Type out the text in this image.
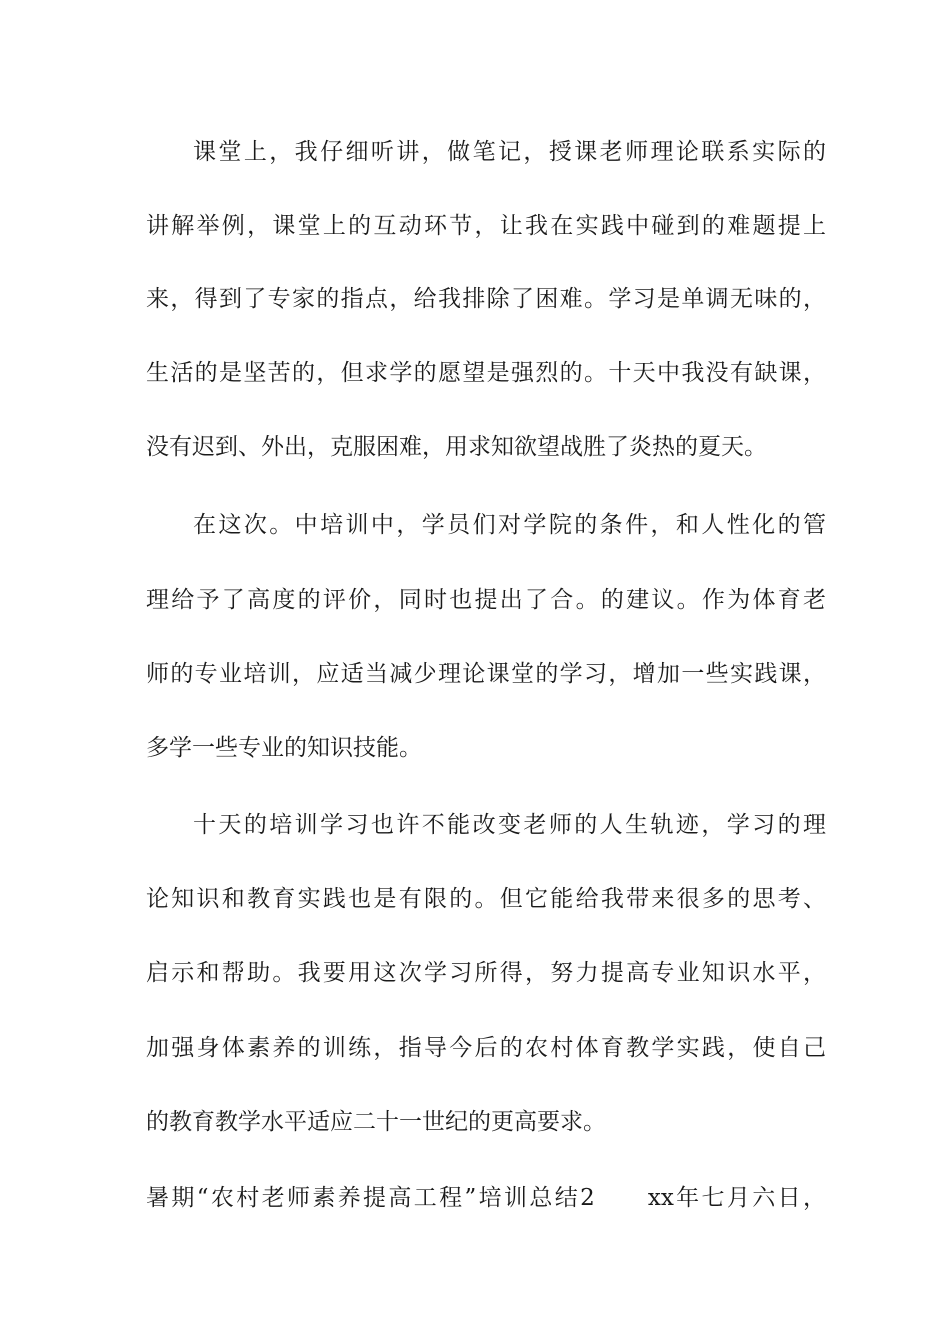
课堂上，我仔细听讲，做笔记，授课老师理论联系实际的
讲解举例，课堂上的互动环节，让我在实践中碰到的难题提上
来，得到了专家的指点，给我排除了困难。学习是单调无味的，
生活的是坚苦的，但求学的愿望是强烈的。十天中我没有缺课，
没有迟到、外出，克服困难，用求知欲望战胜了炎热的夏天。
在这次。中培训中，学员们对学院的条件，和人性化的管
理给予了高度的评价，同时也提出了合。的建议。作为体育老
师的专业培训，应适当减少理论课堂的学习，增加一些实践课，
多学一些专业的知识技能。
十天的培训学习也许不能改变老师的人生轨迹，学习的理
论知识和教育实践也是有限的。但它能给我带来很多的思考、
启示和帮助。我要用这次学习所得，努力提高专业知识水平，
加强身体素养的训练，指导今后的农村体育教学实践，使自己
的教育教学水平适应二十一世纪的更高要求。
暑期“农村老师素养提高工程”培训总结2　　xx年七月六日，
